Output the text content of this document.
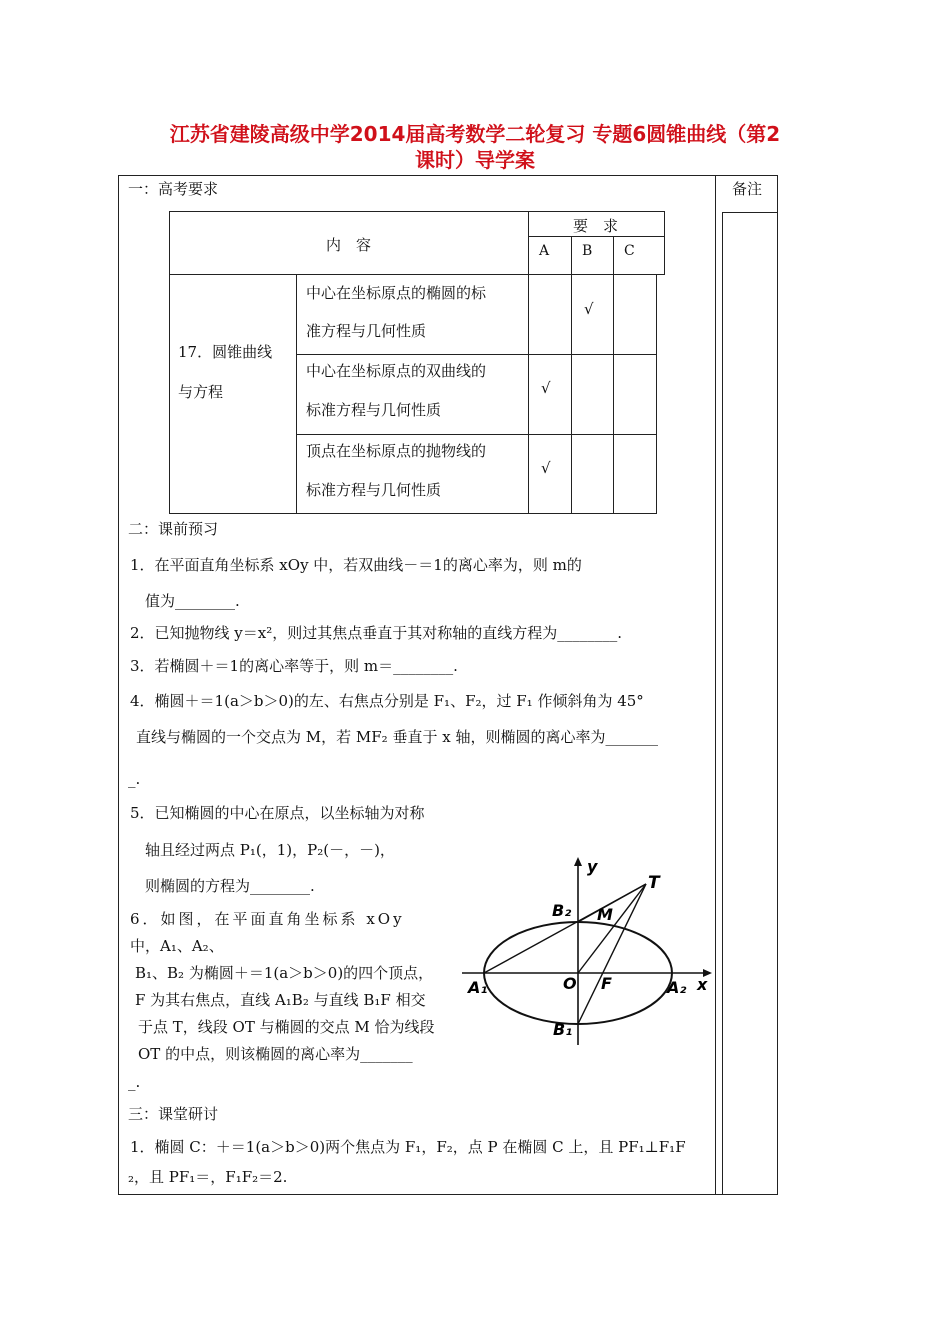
江苏省建陵高级中学2014届高考数学二轮复习 专题6圆锥曲线（第2
课时）导学案
备注
一：高考要求
内　容
要　求
A B C
17．圆锥曲线
与方程
中心在坐标原点的椭圆的标
准方程与几何性质
√
中心在坐标原点的双曲线的
标准方程与几何性质
√
顶点在坐标原点的抛物线的
标准方程与几何性质
√
二：课前预习
1．在平面直角坐标系 xOy 中，若双曲线－＝1的离心率为，则 m的
值为________.
2．已知抛物线 y＝x²，则过其焦点垂直于其对称轴的直线方程为________.
3．若椭圆＋＝1的离心率等于，则 m＝________.
4．椭圆＋＝1(a＞b＞0)的左、右焦点分别是 F₁、F₂，过 F₁ 作倾斜角为 45°
直线与椭圆的一个交点为 M，若 MF₂ 垂直于 x 轴，则椭圆的离心率为_______
_.
5．已知椭圆的中心在原点，以坐标轴为对称
轴且经过两点 P₁(，1)，P₂(－，－)，
则椭圆的方程为________.
6．如图，在平面直角坐标系 xOy
中，A₁、A₂、
B₁、B₂ 为椭圆＋＝1(a＞b＞0)的四个顶点，
F 为其右焦点，直线 A₁B₂ 与直线 B₁F 相交
于点 T，线段 OT 与椭圆的交点 M 恰为线段
OT 的中点，则该椭圆的离心率为_______
_.
y
T
B₂ M
O F
A₁	A₂ x
B₁
三：课堂研讨
1．椭圆 C：＋＝1(a＞b＞0)两个焦点为 F₁，F₂，点 P 在椭圆 C 上，且 PF₁⊥F₁F
₂，且 PF₁＝，F₁F₂＝2.
